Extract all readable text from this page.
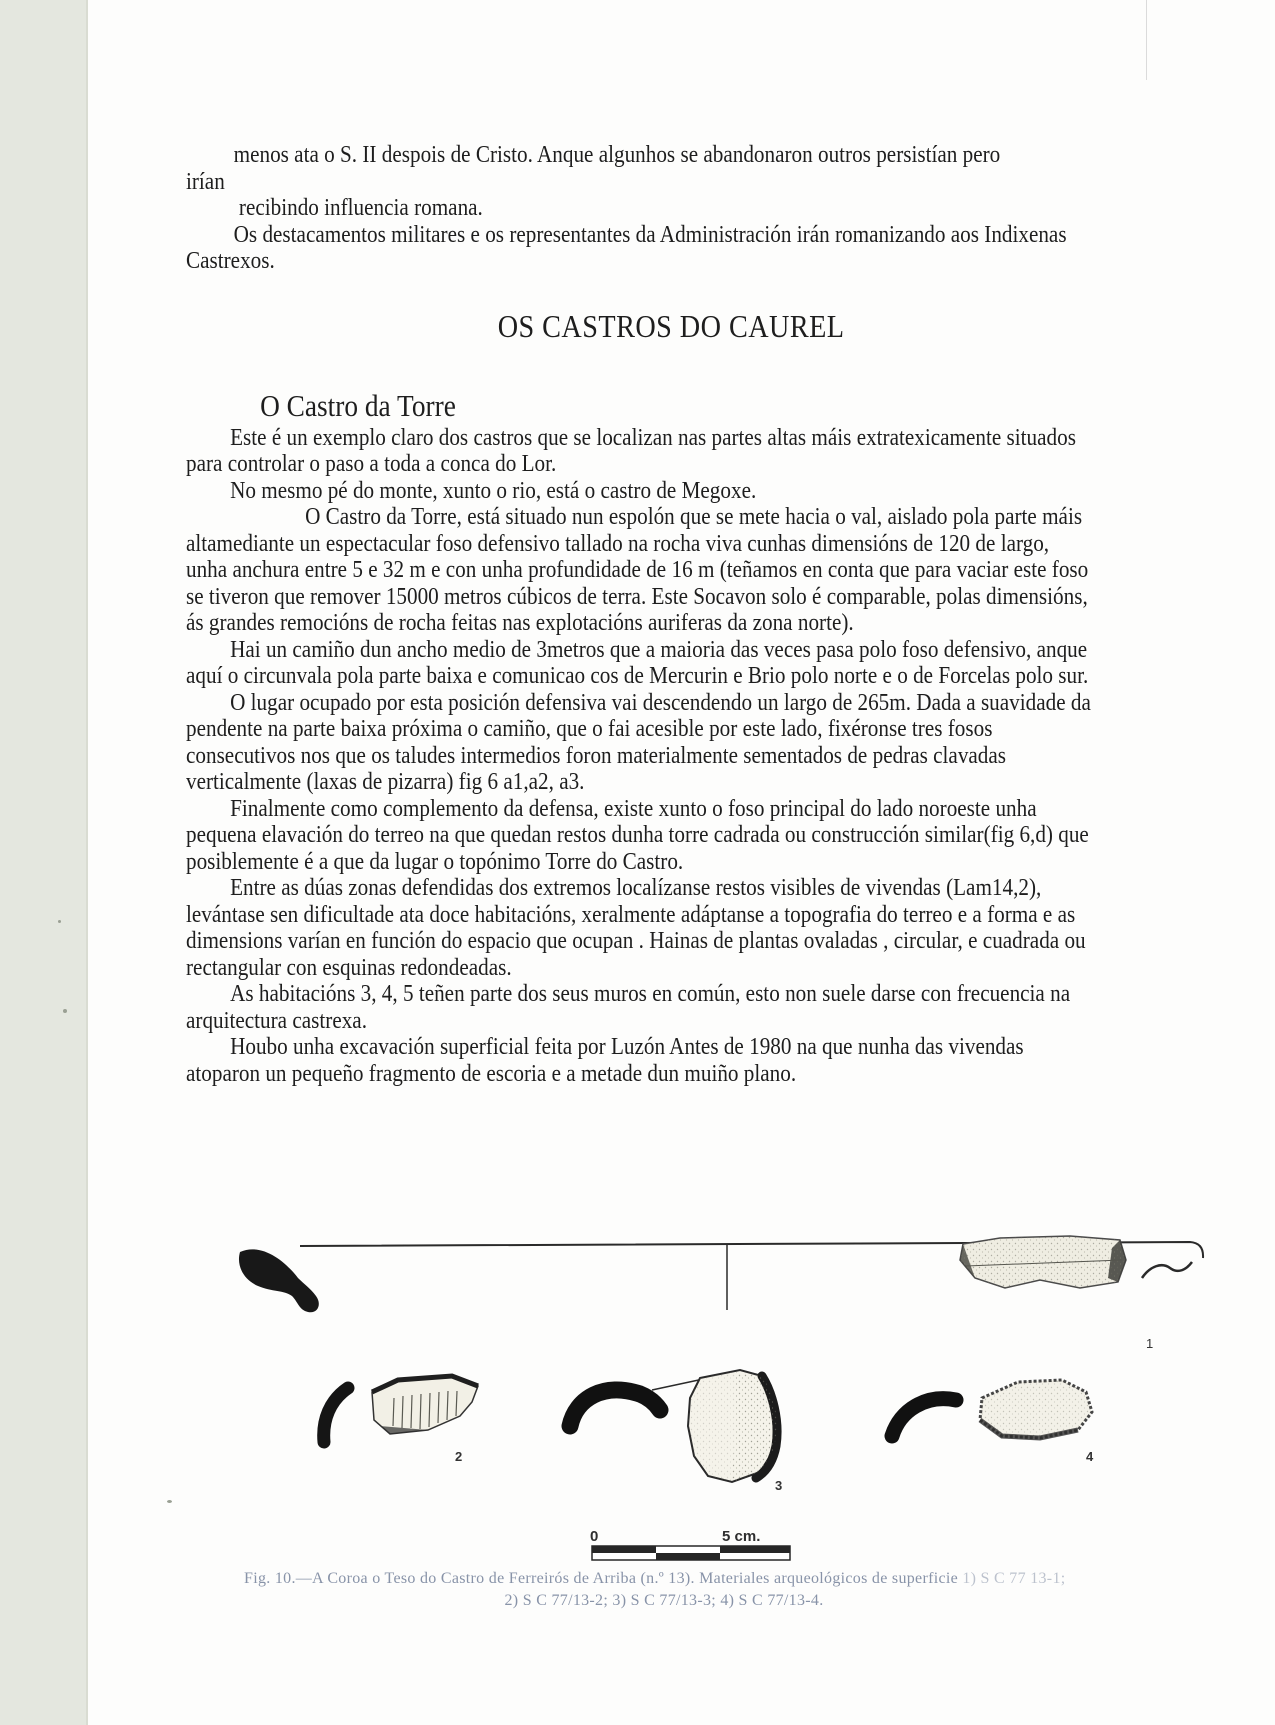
menos ata o S. II despois de Cristo. Anque algunhos se abandonaron outros persistían pero

irían

recibindo influencia romana.

Os destacamentos militares e os representantes da Administración irán romanizando aos Indixenas Castrexos.

OS CASTROS DO CAUREL
O Castro da Torre

Este é un exemplo claro dos castros que se localizan nas partes altas máis extratexicamente situados para controlar o paso a toda a conca do Lor.

No mesmo pé do monte, xunto o rio, está o castro de Megoxe.

O Castro da Torre, está situado nun espolón que se mete hacia o val, aislado pola parte máis altamediante un espectacular foso defensivo tallado na rocha viva cunhas dimensións de 120 de largo, unha anchura entre 5 e 32 m e con unha profundidade de 16 m (teñamos en conta que para vaciar este foso se tiveron que remover 15000 metros cúbicos de terra. Este Socavon solo é comparable, polas dimensións, ás grandes remocións de rocha feitas nas explotacións auriferas da zona norte).

Hai un camiño dun ancho medio de 3metros que a maioria das veces pasa polo foso defensivo, anque aquí o circunvala pola parte baixa e comunicao cos de Mercurin e Brio polo norte e o de Forcelas polo sur.

O lugar ocupado por esta posición defensiva vai descendendo un largo de 265m. Dada a suavidade da pendente na parte baixa próxima o camiño, que o fai acesible por este lado, fixéronse tres fosos consecutivos nos que os taludes intermedios foron materialmente sementados de pedras clavadas verticalmente (laxas de pizarra) fig 6 a1,a2, a3.

Finalmente como complemento da defensa, existe xunto o foso principal do lado noroeste unha pequena elavación do terreo na que quedan restos dunha torre cadrada ou construcción similar(fig 6,d) que posiblemente é a que da lugar o topónimo Torre do Castro.

Entre as dúas zonas defendidas dos extremos localízanse restos visibles de vivendas (Lam14,2), levántase sen dificultade ata doce habitacións, xeralmente adáptanse a topografia do terreo e a forma e as dimensions varían en función do espacio que ocupan . Hainas de plantas ovaladas , circular, e cuadrada ou rectangular con esquinas redondeadas.

As habitacións 3, 4, 5 teñen parte dos seus muros en común, esto non suele darse con frecuencia na arquitectura castrexa.

Houbo unha excavación superficial feita por Luzón Antes de 1980 na que nunha das vivendas atoparon un pequeño fragmento de escoria e a metade dun muiño plano.

1
2
3
4
0	5 cm.
Fig. 10.—A Coroa o Teso do Castro de Ferreirós de Arriba (n.º 13). Materiales arqueológicos de superficie 1) S C 77 13-1;
2) S C 77/13-2; 3) S C 77/13-3; 4) S C 77/13-4.
